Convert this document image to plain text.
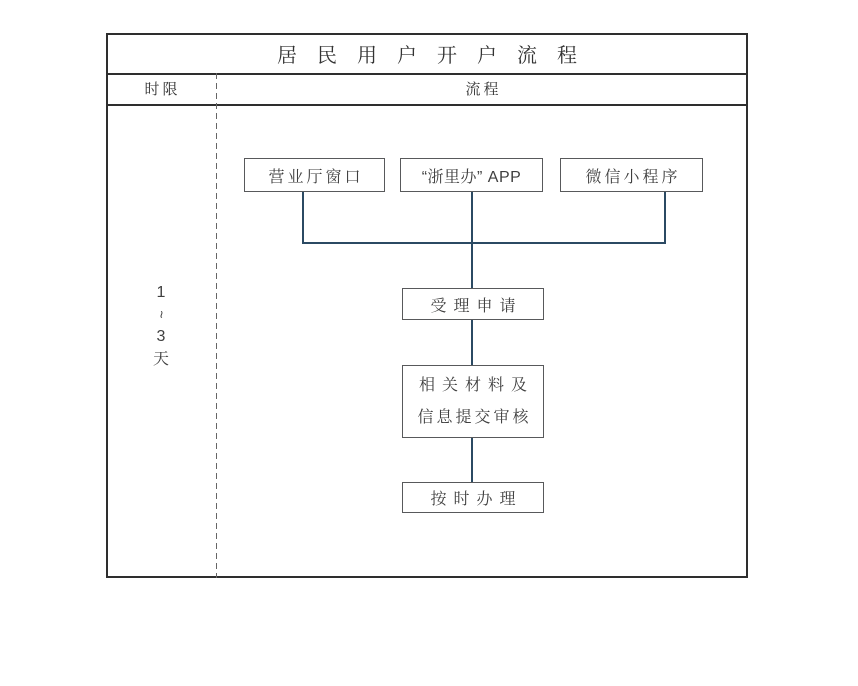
居民用户开户流程
时限	流程
1
~
3
天
营业厅窗口	“浙里办” APP	微信小程序
受理申请
相关材料及
信息提交审核
按时办理
